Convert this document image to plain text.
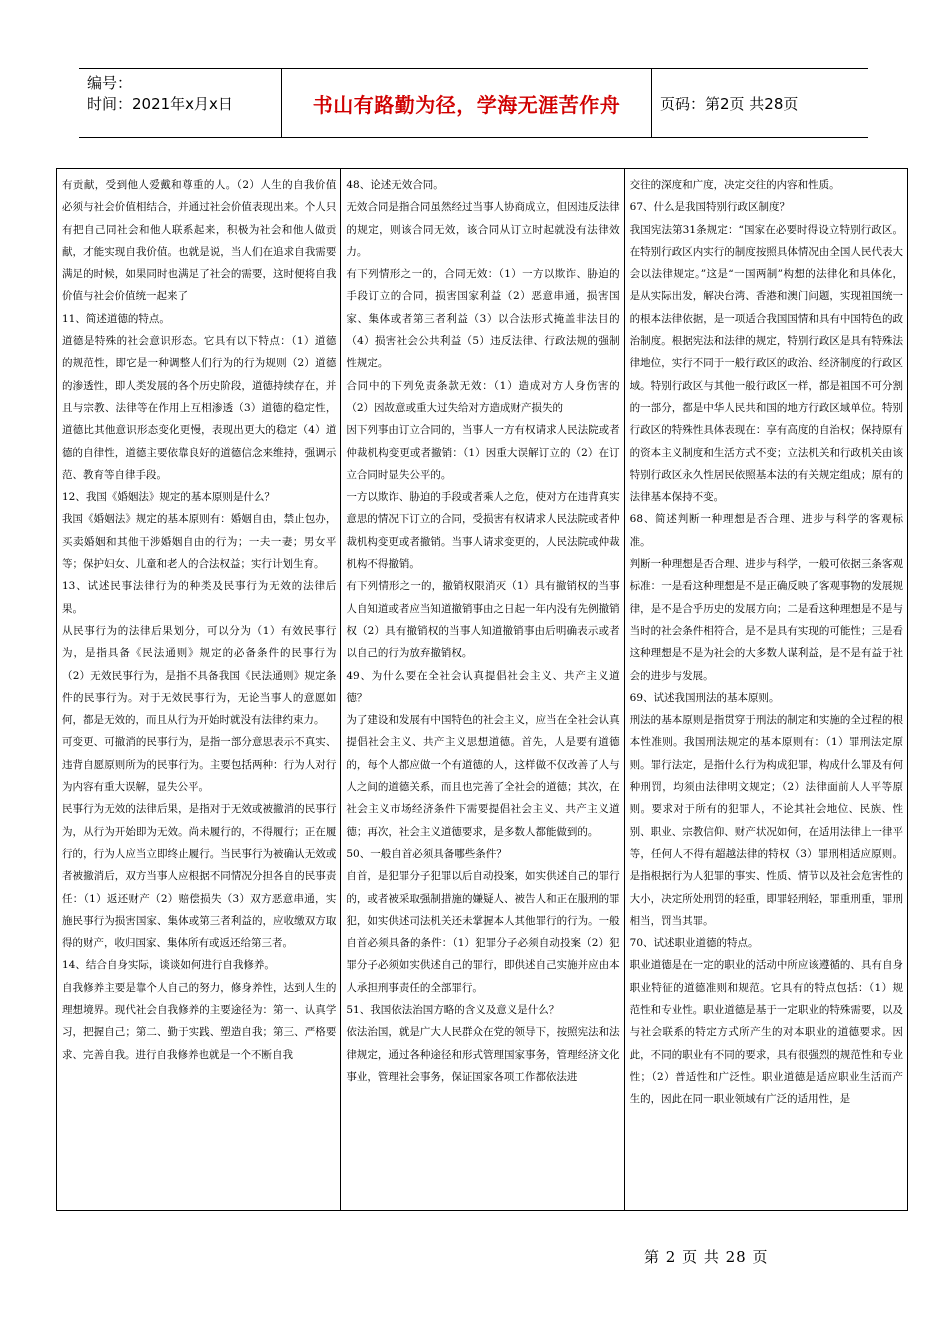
编号：
时间：2021年x月x日	书山有路勤为径，学海无涯苦作舟	页码：第2页 共28页

有贡献，受到他人爱戴和尊重的人。（2）人生的自我价值必须与社会价值相结合，并通过社会价值表现出来。个人只有把自己同社会和他人联系起来，积极为社会和他人做贡献，才能实现自我价值。也就是说，当人们在追求自我需要满足的时候，如果同时也满足了社会的需要，这时便将自我价值与社会价值统一起来了

11、简述道德的特点。

道德是特殊的社会意识形态。它具有以下特点：（1）道德的规范性，即它是一种调整人们行为的行为规则（2）道德的渗透性，即人类发展的各个历史阶段，道德持续存在，并且与宗教、法律等在作用上互相渗透（3）道德的稳定性，道德比其他意识形态变化更慢，表现出更大的稳定（4）道德的自律性，道德主要依靠良好的道德信念来维持，强调示范、教育等自律手段。

12、我国《婚姻法》规定的基本原则是什么？

我国《婚姻法》规定的基本原则有：婚姻自由，禁止包办，买卖婚姻和其他干涉婚姻自由的行为；一夫一妻；男女平等；保护妇女、儿童和老人的合法权益；实行计划生育。

13、试述民事法律行为的种类及民事行为无效的法律后果。

从民事行为的法律后果划分，可以分为（1）有效民事行为，是指具备《民法通则》规定的必备条件的民事行为（2）无效民事行为，是指不具备我国《民法通则》规定条件的民事行为。对于无效民事行为，无论当事人的意愿如何，都是无效的，而且从行为开始时就没有法律约束力。

可变更、可撤消的民事行为，是指一部分意思表示不真实、违背自愿原则所为的民事行为。主要包括两种：行为人对行为内容有重大误解，显失公平。

民事行为无效的法律后果，是指对于无效或被撤消的民事行为，从行为开始即为无效。尚未履行的，不得履行；正在履行的，行为人应当立即终止履行。当民事行为被确认无效或者被撤消后，双方当事人应根据不同情况分担各自的民事责任：（1）返还财产（2）赔偿损失（3）双方恶意串通，实施民事行为损害国家、集体或第三者利益的，应收缴双方取得的财产，收归国家、集体所有或返还给第三者。

14、结合自身实际，谈谈如何进行自我修养。

自我修养主要是靠个人自己的努力，修身养性，达到人生的理想境界。现代社会自我修养的主要途径为：第一、认真学习，把握自己；第二、勤于实践、塑造自我；第三、严格要求、完善自我。进行自我修养也就是一个不断自我

48、论述无效合同。

无效合同是指合同虽然经过当事人协商成立，但因违反法律的规定，则该合同无效，该合同从订立时起就没有法律效力。

有下列情形之一的，合同无效：（1）一方以欺诈、胁迫的手段订立的合同，损害国家利益（2）恶意串通，损害国家、集体或者第三者利益（3）以合法形式掩盖非法目的（4）损害社会公共利益（5）违反法律、行政法规的强制性规定。

合同中的下列免责条款无效：（1）造成对方人身伤害的（2）因故意或重大过失给对方造成财产损失的

因下列事由订立合同的，当事人一方有权请求人民法院或者仲裁机构变更或者撤销：（1）因重大误解订立的（2）在订立合同时显失公平的。

一方以欺诈、胁迫的手段或者乘人之危，使对方在违背真实意思的情况下订立的合同，受损害有权请求人民法院或者仲裁机构变更或者撤销。当事人请求变更的，人民法院或仲裁机构不得撤销。

有下列情形之一的，撤销权限消灭（1）具有撤销权的当事人自知道或者应当知道撤销事由之日起一年内没有先例撤销权（2）具有撤销权的当事人知道撤销事由后明确表示或者以自己的行为放弃撤销权。

49、为什么要在全社会认真提倡社会主义、共产主义道德？

为了建设和发展有中国特色的社会主义，应当在全社会认真提倡社会主义、共产主义思想道德。首先，人是要有道德的，每个人都应做一个有道德的人，这样做不仅改善了人与人之间的道德关系，而且也完善了全社会的道德；其次，在社会主义市场经济条件下需要提倡社会主义、共产主义道德；再次，社会主义道德要求，是多数人都能做到的。

50、一般自首必须具备哪些条件？

自首，是犯罪分子犯罪以后自动投案，如实供述自己的罪行的，或者被采取强制措施的嫌疑人、被告人和正在服刑的罪犯，如实供述司法机关还未掌握本人其他罪行的行为。一般自首必须具备的条件：（1）犯罪分子必须自动投案（2）犯罪分子必须如实供述自己的罪行，即供述自己实施并应由本人承担刑事责任的全部罪行。

51、我国依法治国方略的含义及意义是什么？

依法治国，就是广大人民群众在党的领导下，按照宪法和法律规定，通过各种途径和形式管理国家事务，管理经济文化事业，管理社会事务，保证国家各项工作都依法进

交往的深度和广度，决定交往的内容和性质。

67、什么是我国特别行政区制度？

我国宪法第31条规定：“国家在必要时得设立特别行政区。在特别行政区内实行的制度按照具体情况由全国人民代表大会以法律规定。”这是“一国两制”构想的法律化和具体化，是从实际出发，解决台湾、香港和澳门问题，实现祖国统一的根本法律依据，是一项适合我国国情和具有中国特色的政治制度。根据宪法和法律的规定，特别行政区是具有特殊法律地位，实行不同于一般行政区的政治、经济制度的行政区域。特别行政区与其他一般行政区一样，都是祖国不可分割的一部分，都是中华人民共和国的地方行政区域单位。特别行政区的特殊性具体表现在：享有高度的自治权；保持原有的资本主义制度和生活方式不变；立法机关和行政机关由该特别行政区永久性居民依照基本法的有关规定组成；原有的法律基本保持不变。

68、简述判断一种理想是否合理、进步与科学的客观标准。

判断一种理想是否合理、进步与科学，一般可依据三条客观标准：一是看这种理想是不是正确反映了客观事物的发展规律，是不是合乎历史的发展方向；二是看这种理想是不是与当时的社会条件相符合，是不是具有实现的可能性；三是看这种理想是不是为社会的大多数人谋利益，是不是有益于社会的进步与发展。

69、试述我国刑法的基本原则。

刑法的基本原则是指贯穿于刑法的制定和实施的全过程的根本性准则。我国刑法规定的基本原则有：（1）罪刑法定原则。罪行法定，是指什么行为构成犯罪，构成什么罪及有何种刑罚，均须由法律明文规定；（2）法律面前人人平等原则。要求对于所有的犯罪人，不论其社会地位、民族、性别、职业、宗教信仰、财产状况如何，在适用法律上一律平等，任何人不得有超越法律的特权（3）罪刑相适应原则。是指根据行为人犯罪的事实、性质、情节以及社会危害性的大小，决定所处刑罚的轻重，即罪轻刑轻，罪重刑重，罪刑相当，罚当其罪。

70、试述职业道德的特点。

职业道德是在一定的职业的活动中所应该遵循的、具有自身职业特征的道德准则和规范。它具有的特点包括：（1）规范性和专业性。职业道德是基于一定职业的特殊需要，以及与社会联系的特定方式所产生的对本职业的道德要求。因此，不同的职业有不同的要求，具有很强烈的规范性和专业性；（2）普适性和广泛性。职业道德是适应职业生活而产生的，因此在同一职业领域有广泛的适用性，是

第 2 页 共 28 页
